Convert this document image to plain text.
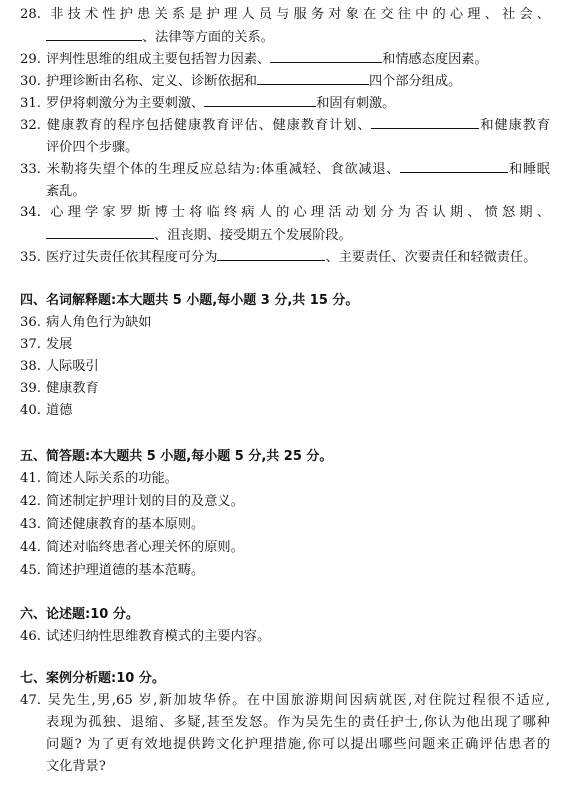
28. 非技术性护患关系是护理人员与服务对象在交往中的心理、社会、
、法律等方面的关系。
29. 评判性思维的组成主要包括智力因素、	和情感态度因素。
30. 护理诊断由名称、定义、诊断依据和	四个部分组成。
31. 罗伊将刺激分为主要刺激、	和固有刺激。
32. 健康教育的程序包括健康教育评估、健康教育计划、	和健康教育
评价四个步骤。
33. 米勒将失望个体的生理反应总结为:体重减轻、食欲减退、	和睡眠
紊乱。
34. 心理学家罗斯博士将临终病人的心理活动划分为否认期、愤怒期、
、沮丧期、接受期五个发展阶段。
35. 医疗过失责任依其程度可分为	、主要责任、次要责任和轻微责任。
四、名词解释题:本大题共 5 小题,每小题 3 分,共 15 分。
36. 病人角色行为缺如
37. 发展
38. 人际吸引
39. 健康教育
40. 道德
五、简答题:本大题共 5 小题,每小题 5 分,共 25 分。
41. 简述人际关系的功能。
42. 简述制定护理计划的目的及意义。
43. 简述健康教育的基本原则。
44. 简述对临终患者心理关怀的原则。
45. 简述护理道德的基本范畴。
六、论述题:10 分。
46. 试述归纳性思维教育模式的主要内容。
七、案例分析题:10 分。
47. 吴先生,男,65 岁,新加坡华侨。在中国旅游期间因病就医,对住院过程很不适应,
表现为孤独、退缩、多疑,甚至发怒。作为吴先生的责任护士,你认为他出现了哪种
问题? 为了更有效地提供跨文化护理措施,你可以提出哪些问题来正确评估患者的
文化背景?
